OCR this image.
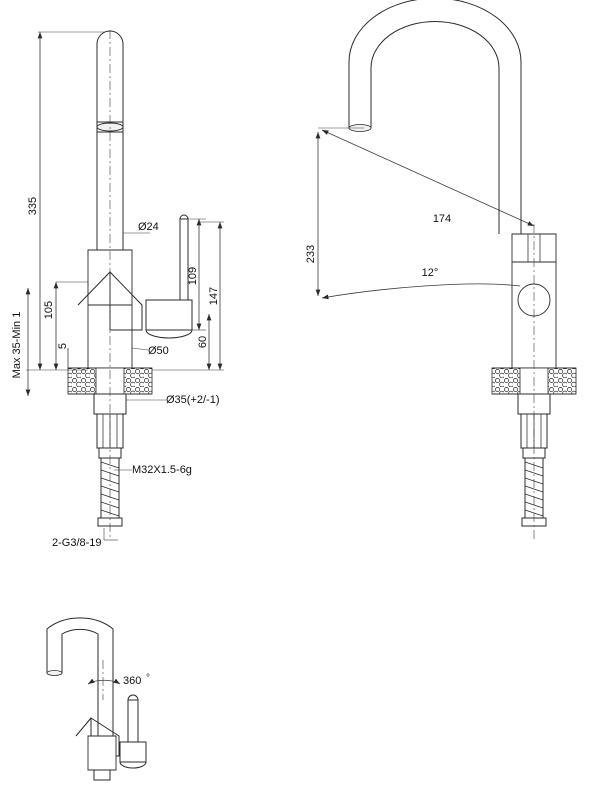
335
Ø24
105
5
Max 35-Min 1
109
147
Ø50
60
Ø35(+2/-1)
M32X1.5-6g
2-G3/8-19
174
233
12°
360 °
